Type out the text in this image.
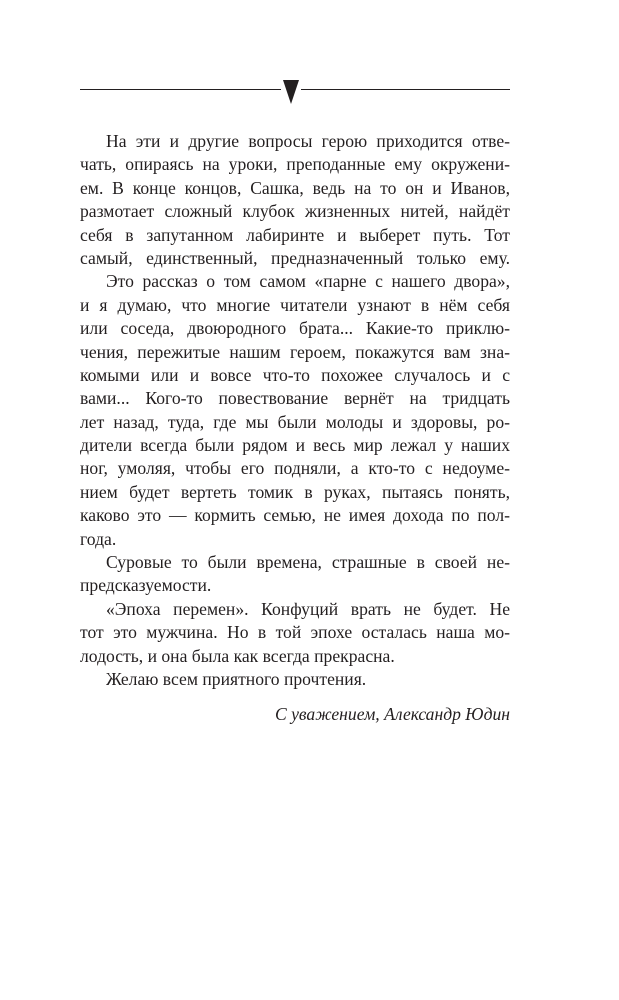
На эти и другие вопросы герою приходится отве-
чать, опираясь на уроки, преподанные ему окружени-
ем. В конце концов, Сашка, ведь на то он и Иванов,
размотает сложный клубок жизненных нитей, найдёт
себя в запутанном лабиринте и выберет путь. Тот
самый, единственный, предназначенный только ему.
Это рассказ о том самом «парне с нашего двора»,
и я думаю, что многие читатели узнают в нём себя
или соседа, двоюродного брата... Какие-то приклю-
чения, пережитые нашим героем, покажутся вам зна-
комыми или и вовсе что-то похожее случалось и с
вами... Кого-то повествование вернёт на тридцать
лет назад, туда, где мы были молоды и здоровы, ро-
дители всегда были рядом и весь мир лежал у наших
ног, умоляя, чтобы его подняли, а кто-то с недоуме-
нием будет вертеть томик в руках, пытаясь понять,
каково это — кормить семью, не имея дохода по пол-
года.
Суровые то были времена, страшные в своей не-
предсказуемости.
«Эпоха перемен». Конфуций врать не будет. Не
тот это мужчина. Но в той эпохе осталась наша мо-
лодость, и она была как всегда прекрасна.
Желаю всем приятного прочтения.
С уважением, Александр Юдин
